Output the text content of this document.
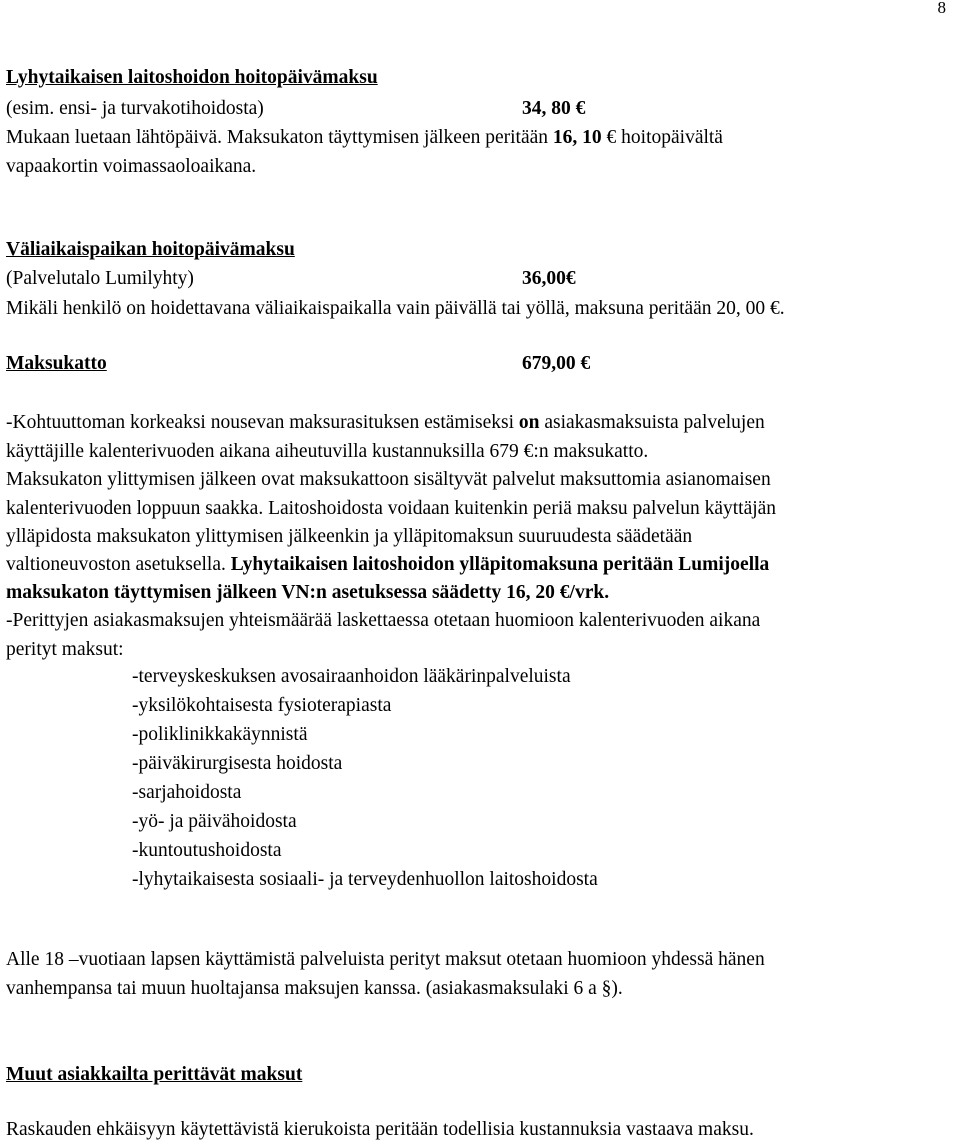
8
Lyhytaikaisen laitoshoidon hoitopäivämaksu
(esim. ensi- ja turvakotihoidosta)	34, 80 €
Mukaan luetaan lähtöpäivä. Maksukaton täyttymisen jälkeen peritään 16, 10 € hoitopäivältä
vapaakortin voimassaoloaikana.
Väliaikaispaikan hoitopäivämaksu
(Palvelutalo Lumilyhty)	36,00€
Mikäli henkilö on hoidettavana väliaikaispaikalla vain päivällä tai yöllä, maksuna peritään 20, 00 €.
Maksukatto	679,00 €
-Kohtuuttoman korkeaksi nousevan maksurasituksen estämiseksi on asiakasmaksuista palvelujen
käyttäjille kalenterivuoden aikana aiheutuvilla kustannuksilla 679 €:n maksukatto.
Maksukaton ylittymisen jälkeen ovat maksukattoon sisältyvät palvelut maksuttomia asianomaisen
kalenterivuoden loppuun saakka. Laitoshoidosta voidaan kuitenkin periä maksu palvelun käyttäjän
ylläpidosta maksukaton ylittymisen jälkeenkin ja ylläpitomaksun suuruudesta säädetään
valtioneuvoston asetuksella. Lyhytaikaisen laitoshoidon ylläpitomaksuna peritään Lumijoella
maksukaton täyttymisen jälkeen VN:n asetuksessa säädetty 16, 20 €/vrk.
-Perittyjen asiakasmaksujen yhteismäärää laskettaessa otetaan huomioon kalenterivuoden aikana
perityt maksut:
-terveyskeskuksen avosairaanhoidon lääkärinpalveluista
-yksilökohtaisesta fysioterapiasta
-poliklinikkakäynnistä
-päiväkirurgisesta hoidosta
-sarjahoidosta
-yö- ja päivähoidosta
-kuntoutushoidosta
-lyhytaikaisesta sosiaali- ja terveydenhuollon laitoshoidosta
Alle 18 –vuotiaan lapsen käyttämistä palveluista perityt maksut otetaan huomioon yhdessä hänen
vanhempansa tai muun huoltajansa maksujen kanssa. (asiakasmaksulaki 6 a §).
Muut asiakkailta perittävät maksut
Raskauden ehkäisyyn käytettävistä kierukoista peritään todellisia kustannuksia vastaava maksu.
